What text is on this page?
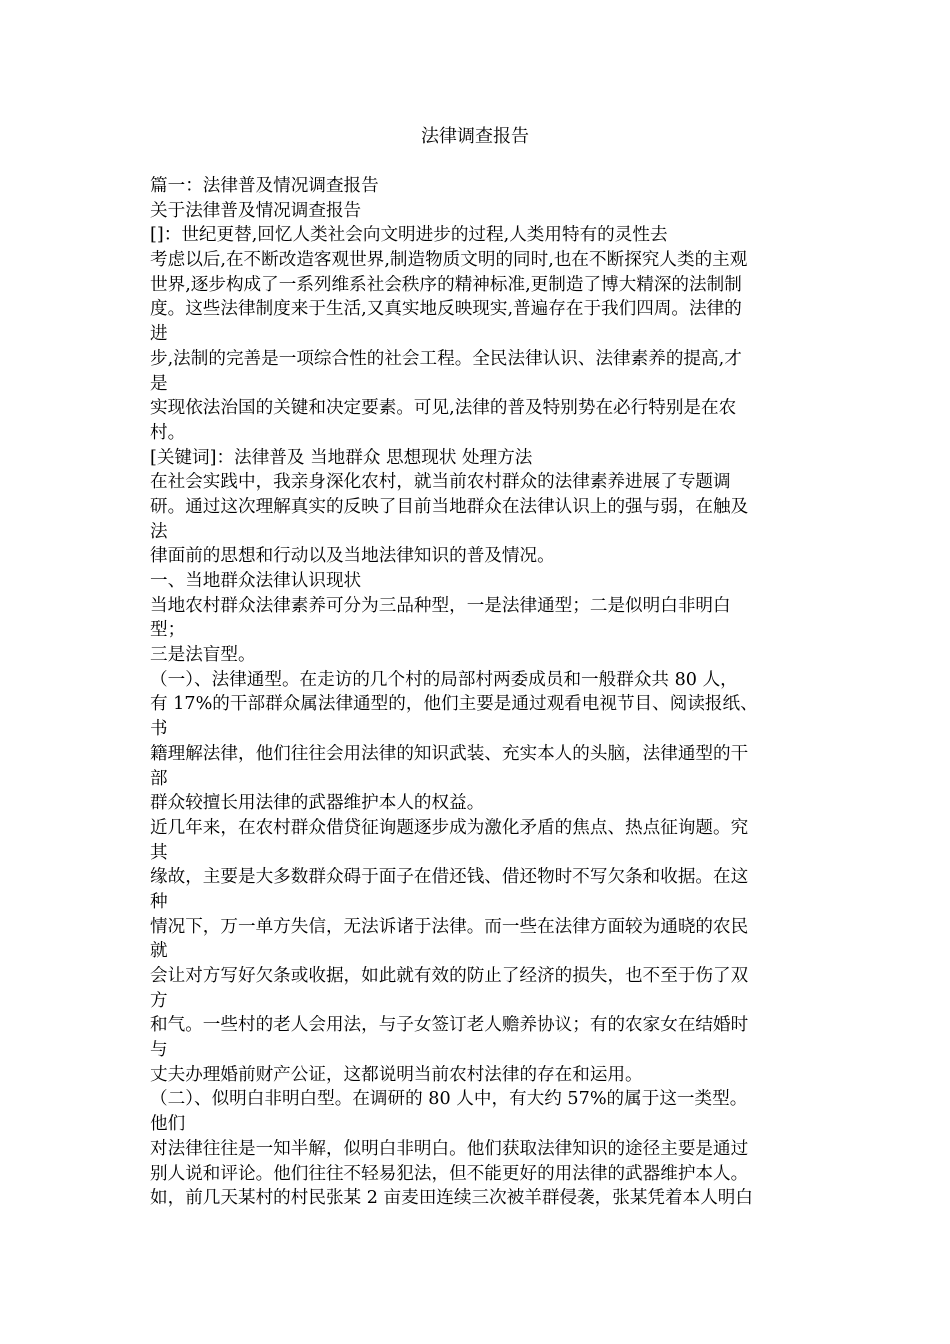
法律调查报告
篇一：法律普及情况调查报告
关于法律普及情况调查报告
[]：世纪更替,回忆人类社会向文明进步的过程,人类用特有的灵性去
考虑以后,在不断改造客观世界,制造物质文明的同时,也在不断探究人类的主观
世界,逐步构成了一系列维系社会秩序的精神标准,更制造了博大精深的法制制
度。这些法律制度来于生活,又真实地反映现实,普遍存在于我们四周。法律的
进
步,法制的完善是一项综合性的社会工程。全民法律认识、法律素养的提高,才
是
实现依法治国的关键和决定要素。可见,法律的普及特别势在必行特别是在农
村。
[关键词]：法律普及 当地群众 思想现状 处理方法
在社会实践中，我亲身深化农村，就当前农村群众的法律素养进展了专题调
研。通过这次理解真实的反映了目前当地群众在法律认识上的强与弱，在触及
法
律面前的思想和行动以及当地法律知识的普及情况。
一、当地群众法律认识现状
当地农村群众法律素养可分为三品种型，一是法律通型；二是似明白非明白
型；
三是法盲型。
（一）、法律通型。在走访的几个村的局部村两委成员和一般群众共 80 人，
有 17%的干部群众属法律通型的，他们主要是通过观看电视节目、阅读报纸、
书
籍理解法律，他们往往会用法律的知识武装、充实本人的头脑，法律通型的干
部
群众较擅长用法律的武器维护本人的权益。
近几年来，在农村群众借贷征询题逐步成为激化矛盾的焦点、热点征询题。究
其
缘故，主要是大多数群众碍于面子在借还钱、借还物时不写欠条和收据。在这
种
情况下，万一单方失信，无法诉诸于法律。而一些在法律方面较为通晓的农民
就
会让对方写好欠条或收据，如此就有效的防止了经济的损失，也不至于伤了双
方
和气。一些村的老人会用法，与子女签订老人赡养协议；有的农家女在结婚时
与
丈夫办理婚前财产公证，这都说明当前农村法律的存在和运用。
（二）、似明白非明白型。在调研的 80 人中，有大约 57%的属于这一类型。
他们
对法律往往是一知半解，似明白非明白。他们获取法律知识的途径主要是通过
别人说和评论。他们往往不轻易犯法，但不能更好的用法律的武器维护本人。
如，前几天某村的村民张某 2 亩麦田连续三次被羊群侵袭，张某凭着本人明白
